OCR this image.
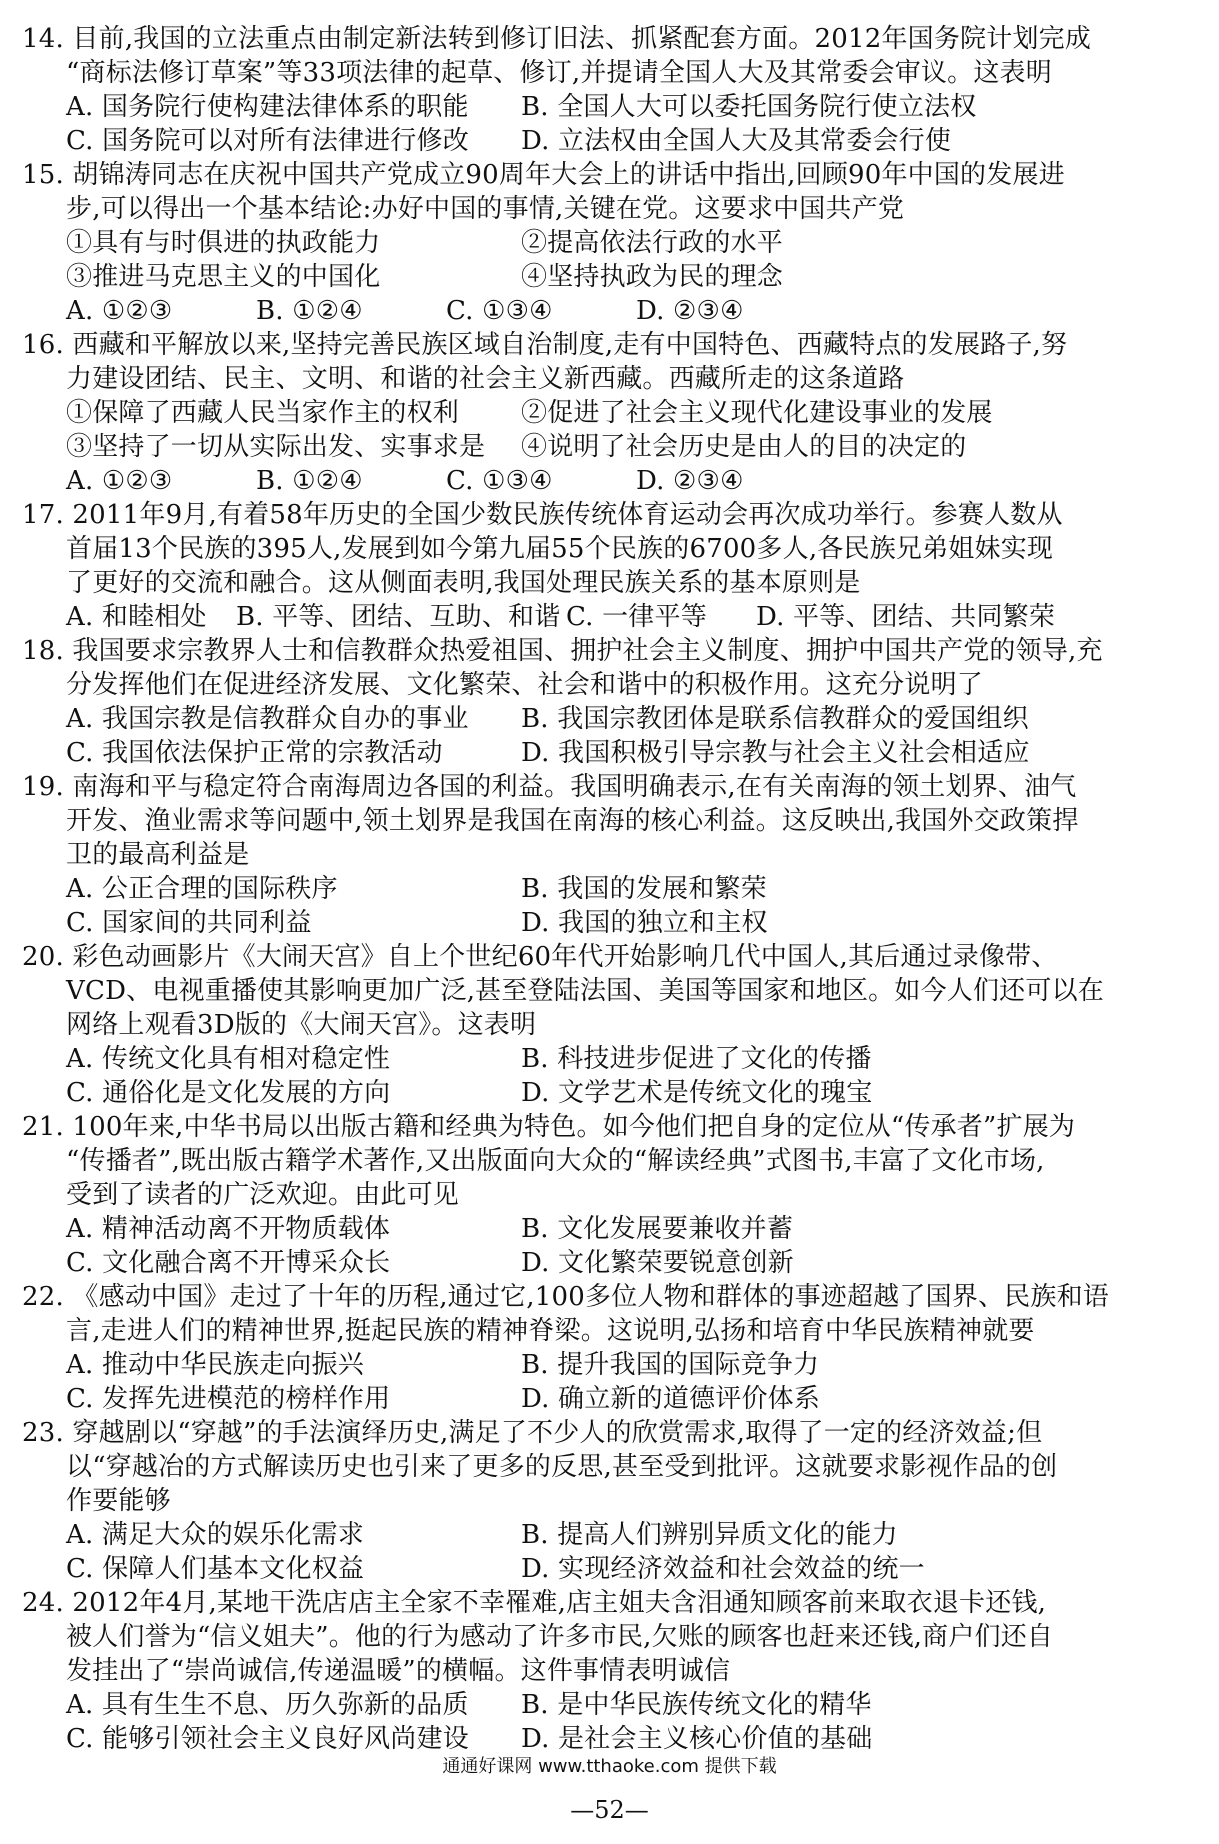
14. 目前,我国的立法重点由制定新法转到修订旧法、抓紧配套方面。2012年国务院计划完成
“商标法修订草案”等33项法律的起草、修订,并提请全国人大及其常委会审议。这表明
A. 国务院行使构建法律体系的职能	B. 全国人大可以委托国务院行使立法权
C. 国务院可以对所有法律进行修改	D. 立法权由全国人大及其常委会行使
15. 胡锦涛同志在庆祝中国共产党成立90周年大会上的讲话中指出,回顾90年中国的发展进
步,可以得出一个基本结论:办好中国的事情,关键在党。这要求中国共产党
①具有与时俱进的执政能力	②提高依法行政的水平
③推进马克思主义的中国化	④坚持执政为民的理念
A. ①②③	B. ①②④	C. ①③④	D. ②③④
16. 西藏和平解放以来,坚持完善民族区域自治制度,走有中国特色、西藏特点的发展路子,努
力建设团结、民主、文明、和谐的社会主义新西藏。西藏所走的这条道路
①保障了西藏人民当家作主的权利	②促进了社会主义现代化建设事业的发展
③坚持了一切从实际出发、实事求是	④说明了社会历史是由人的目的决定的
A. ①②③	B. ①②④	C. ①③④	D. ②③④
17. 2011年9月,有着58年历史的全国少数民族传统体育运动会再次成功举行。参赛人数从
首届13个民族的395人,发展到如今第九届55个民族的6700多人,各民族兄弟姐妹实现
了更好的交流和融合。这从侧面表明,我国处理民族关系的基本原则是
A. 和睦相处	B. 平等、团结、互助、和谐 C. 一律平等	D. 平等、团结、共同繁荣
18. 我国要求宗教界人士和信教群众热爱祖国、拥护社会主义制度、拥护中国共产党的领导,充
分发挥他们在促进经济发展、文化繁荣、社会和谐中的积极作用。这充分说明了
A. 我国宗教是信教群众自办的事业	B. 我国宗教团体是联系信教群众的爱国组织
C. 我国依法保护正常的宗教活动	D. 我国积极引导宗教与社会主义社会相适应
19. 南海和平与稳定符合南海周边各国的利益。我国明确表示,在有关南海的领土划界、油气
开发、渔业需求等问题中,领土划界是我国在南海的核心利益。这反映出,我国外交政策捍
卫的最高利益是
A. 公正合理的国际秩序	B. 我国的发展和繁荣
C. 国家间的共同利益	D. 我国的独立和主权
20. 彩色动画影片《大闹天宫》自上个世纪60年代开始影响几代中国人,其后通过录像带、
VCD、电视重播使其影响更加广泛,甚至登陆法国、美国等国家和地区。如今人们还可以在
网络上观看3D版的《大闹天宫》。这表明
A. 传统文化具有相对稳定性	B. 科技进步促进了文化的传播
C. 通俗化是文化发展的方向	D. 文学艺术是传统文化的瑰宝
21. 100年来,中华书局以出版古籍和经典为特色。如今他们把自身的定位从“传承者”扩展为
“传播者”,既出版古籍学术著作,又出版面向大众的“解读经典”式图书,丰富了文化市场,
受到了读者的广泛欢迎。由此可见
A. 精神活动离不开物质载体	B. 文化发展要兼收并蓄
C. 文化融合离不开博采众长	D. 文化繁荣要锐意创新
22. 《感动中国》走过了十年的历程,通过它,100多位人物和群体的事迹超越了国界、民族和语
言,走进人们的精神世界,挺起民族的精神脊梁。这说明,弘扬和培育中华民族精神就要
A. 推动中华民族走向振兴	B. 提升我国的国际竞争力
C. 发挥先进模范的榜样作用	D. 确立新的道德评价体系
23. 穿越剧以“穿越”的手法演绎历史,满足了不少人的欣赏需求,取得了一定的经济效益;但
以“穿越冶的方式解读历史也引来了更多的反思,甚至受到批评。这就要求影视作品的创
作要能够
A. 满足大众的娱乐化需求	B. 提高人们辨别异质文化的能力
C. 保障人们基本文化权益	D. 实现经济效益和社会效益的统一
24. 2012年4月,某地干洗店店主全家不幸罹难,店主姐夫含泪通知顾客前来取衣退卡还钱,
被人们誉为“信义姐夫”。他的行为感动了许多市民,欠账的顾客也赶来还钱,商户们还自
发挂出了“崇尚诚信,传递温暖”的横幅。这件事情表明诚信
A. 具有生生不息、历久弥新的品质	B. 是中华民族传统文化的精华
C. 能够引领社会主义良好风尚建设	D. 是社会主义核心价值的基础
通通好课网 www.tthaoke.com 提供下载
—52—
